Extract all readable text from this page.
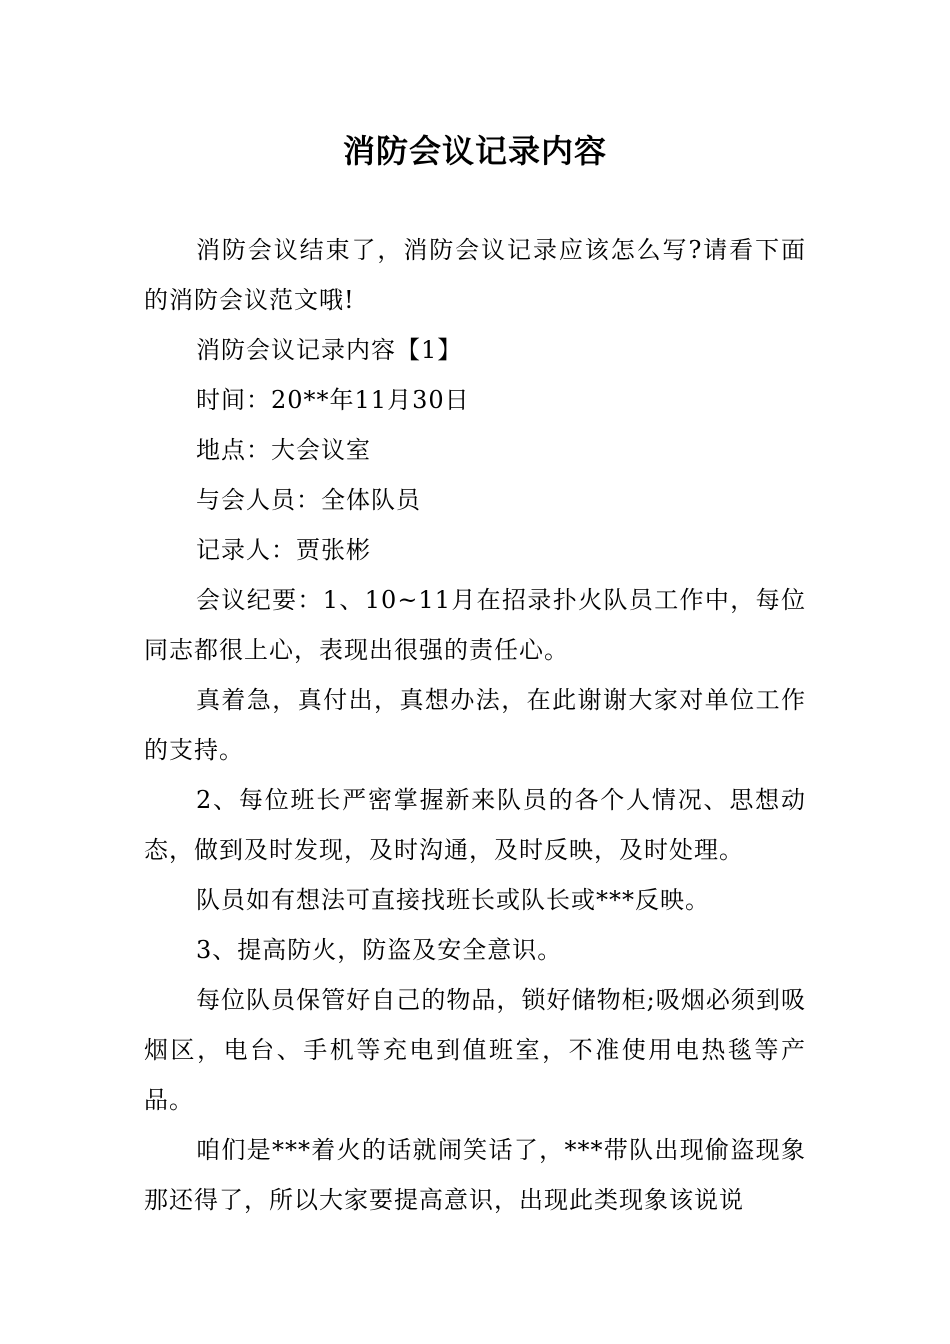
消防会议记录内容

消防会议结束了，消防会议记录应该怎么写?请看下面的消防会议范文哦!

消防会议记录内容【1】

时间：20**年11月30日

地点：大会议室

与会人员：全体队员

记录人：贾张彬

会议纪要：1、10~11月在招录扑火队员工作中，每位同志都很上心，表现出很强的责任心。

真着急，真付出，真想办法，在此谢谢大家对单位工作的支持。

2、每位班长严密掌握新来队员的各个人情况、思想动态，做到及时发现，及时沟通，及时反映，及时处理。

队员如有想法可直接找班长或队长或***反映。

3、提高防火，防盗及安全意识。

每位队员保管好自己的物品，锁好储物柜;吸烟必须到吸烟区，电台、手机等充电到值班室，不准使用电热毯等产品。

咱们是***着火的话就闹笑话了，***带队出现偷盗现象那还得了，所以大家要提高意识，出现此类现象该说说
